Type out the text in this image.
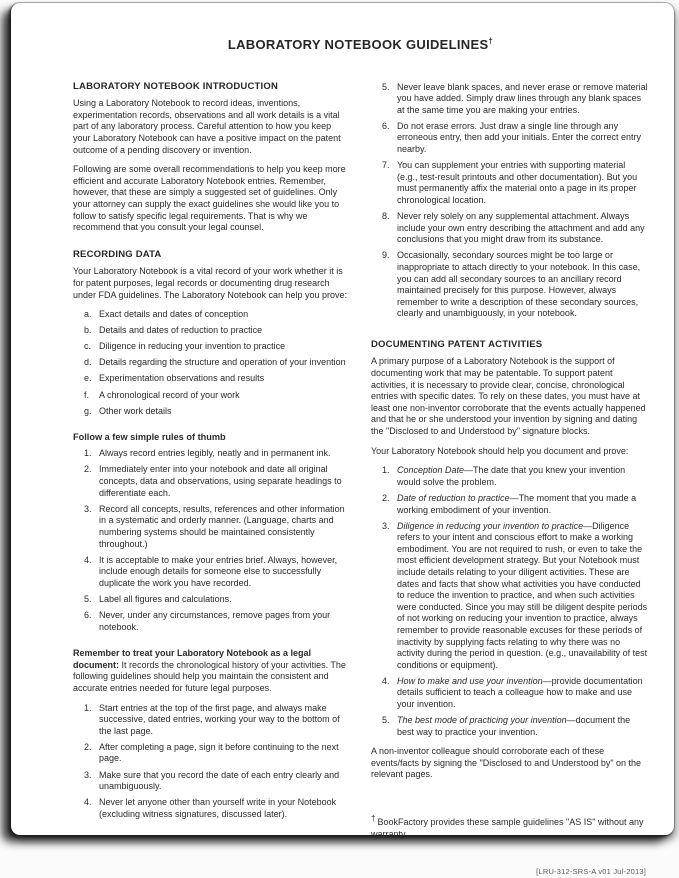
LABORATORY NOTEBOOK GUIDELINES†
LABORATORY NOTEBOOK INTRODUCTION

Using a Laboratory Notebook to record ideas, inventions, experimentation records, observations and all work details is a vital part of any laboratory process. Careful attention to how you keep your Laboratory Notebook can have a positive impact on the patent outcome of a pending discovery or invention.

Following are some overall recommendations to help you keep more efficient and accurate Laboratory Notebook entries. Remember, however, that these are simply a suggested set of guidelines. Only your attorney can supply the exact guidelines she would like you to follow to satisfy specific legal requirements. That is why we recommend that you consult your legal counsel.

RECORDING DATA

Your Laboratory Notebook is a vital record of your work whether it is for patent purposes, legal records or documenting drug research under FDA guidelines. The Laboratory Notebook can help you prove:

a. Exact details and dates of conception
b. Details and dates of reduction to practice
c. Diligence in reducing your invention to practice
d. Details regarding the structure and operation of your invention
e. Experimentation observations and results
f.	A chronological record of your work
g. Other work details
Follow a few simple rules of thumb
1. Always record entries legibly, neatly and in permanent ink.
2. Immediately enter into your notebook and date all original concepts, data and observations, using separate headings to differentiate each.
3. Record all concepts, results, references and other information in a systematic and orderly manner. (Language, charts and numbering systems should be maintained consistently throughout.)
4. It is acceptable to make your entries brief. Always, however, include enough details for someone else to successfully duplicate the work you have recorded.
5. Label all figures and calculations.
6. Never, under any circumstances, remove pages from your notebook.

Remember to treat your Laboratory Notebook as a legal document: It records the chronological history of your activities. The following guidelines should help you maintain the consistent and accurate entries needed for future legal purposes.

1. Start entries at the top of the first page, and always make successive, dated entries, working your way to the bottom of the last page.
2. After completing a page, sign it before continuing to the next page.
3. Make sure that you record the date of each entry clearly and unambiguously.
4. Never let anyone other than yourself write in your Notebook (excluding witness signatures, discussed later).
5. Never leave blank spaces, and never erase or remove material you have added. Simply draw lines through any blank spaces at the same time you are making your entries.
6. Do not erase errors. Just draw a single line through any erroneous entry, then add your initials. Enter the correct entry nearby.
7. You can supplement your entries with supporting material (e.g., test-result printouts and other documentation). But you must permanently affix the material onto a page in its proper chronological location.
8. Never rely solely on any supplemental attachment. Always include your own entry describing the attachment and add any conclusions that you might draw from its substance.
9. Occasionally, secondary sources might be too large or inappropriate to attach directly to your notebook. In this case, you can add all secondary sources to an ancillary record maintained precisely for this purpose. However, always remember to write a description of these secondary sources, clearly and unambiguously, in your notebook.
DOCUMENTING PATENT ACTIVITIES

A primary purpose of a Laboratory Notebook is the support of documenting work that may be patentable. To support patent activities, it is necessary to provide clear, concise, chronological entries with specific dates. To rely on these dates, you must have at least one non-inventor corroborate that the events actually happened and that he or she understood your invention by signing and dating the "Disclosed to and Understood by" signature blocks.

Your Laboratory Notebook should help you document and prove:

1. Conception Date—The date that you knew your invention would solve the problem.
2. Date of reduction to practice—The moment that you made a working embodiment of your invention.
3. Diligence in reducing your invention to practice—Diligence refers to your intent and conscious effort to make a working embodiment. You are not required to rush, or even to take the most efficient development strategy. But your Notebook must include details relating to your diligent activities. These are dates and facts that show what activities you have conducted to reduce the invention to practice, and when such activities were conducted. Since you may still be diligent despite periods of not working on reducing your invention to practice, always remember to provide reasonable excuses for these periods of inactivity by supplying facts relating to why there was no activity during the period in question. (e.g., unavailability of test conditions or equipment).
4. How to make and use your invention—provide documentation details sufficient to teach a colleague how to make and use your invention.
5. The best mode of practicing your invention—document the best way to practice your invention.

A non-inventor colleague should corroborate each of these events/facts by signing the "Disclosed to and Understood by" on the relevant pages.

† BookFactory provides these sample guidelines "AS IS" without any warranty.
[LRU-312-SRS-A v01 Jul-2013]
